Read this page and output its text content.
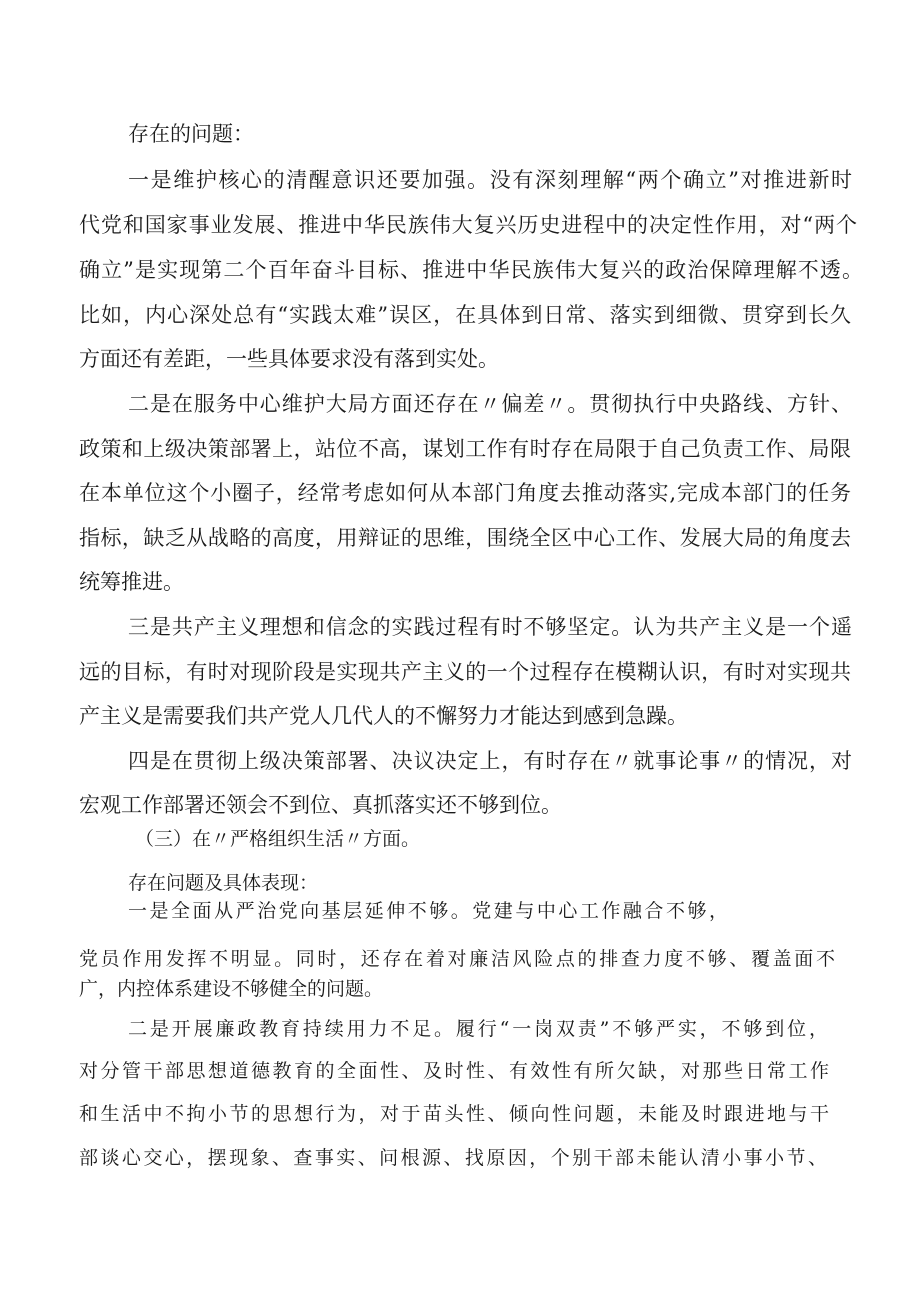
存在的问题：
一是维护核心的清醒意识还要加强。没有深刻理解“两个确立”对推进新时
代党和国家事业发展、推进中华民族伟大复兴历史进程中的决定性作用，对“两个
确立”是实现第二个百年奋斗目标、推进中华民族伟大复兴的政治保障理解不透。
比如，内心深处总有“实践太难”误区，在具体到日常、落实到细微、贯穿到长久
方面还有差距，一些具体要求没有落到实处。
二是在服务中心维护大局方面还存在〃偏差〃。贯彻执行中央路线、方针、
政策和上级决策部署上，站位不高，谋划工作有时存在局限于自己负责工作、局限
在本单位这个小圈子，经常考虑如何从本部门角度去推动落实,完成本部门的任务
指标，缺乏从战略的高度，用辩证的思维，围绕全区中心工作、发展大局的角度去
统筹推进。
三是共产主义理想和信念的实践过程有时不够坚定。认为共产主义是一个遥
远的目标，有时对现阶段是实现共产主义的一个过程存在模糊认识，有时对实现共
产主义是需要我们共产党人几代人的不懈努力才能达到感到急躁。
四是在贯彻上级决策部署、决议决定上，有时存在〃就事论事〃的情况，对
宏观工作部署还领会不到位、真抓落实还不够到位。
（三）在〃严格组织生活〃方面。
存在问题及具体表现：
一是全面从严治党向基层延伸不够。党建与中心工作融合不够，
党员作用发挥不明显。同时，还存在着对廉洁风险点的排查力度不够、覆盖面不
广，内控体系建设不够健全的问题。
二是开展廉政教育持续用力不足。履行“一岗双责”不够严实，不够到位，
对分管干部思想道德教育的全面性、及时性、有效性有所欠缺，对那些日常工作
和生活中不拘小节的思想行为，对于苗头性、倾向性问题，未能及时跟进地与干
部谈心交心，摆现象、查事实、问根源、找原因，个别干部未能认清小事小节、
